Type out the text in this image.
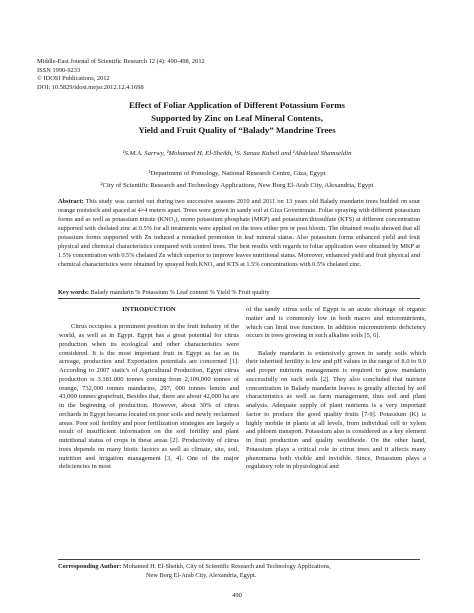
Middle-East Journal of Scientific Research 12 (4): 490-498, 2012
ISSN 1990-9233
© IDOSI Publications, 2012
DOI: 10.5829/idosi.mejsr.2012.12.4.1698
Effect of Foliar Application of Different Potassium Forms
Supported by Zinc on Leaf Mineral Contents,
Yield and Fruit Quality of “Balady” Mandrine Trees
¹S.M.A. Sarrwy, ²Mohamed H. El-Sheikh, ¹S. Sanaa Kabeil and ¹Abdelaal Shamseldin
¹Department of Pomology, National Research Centre, Giza, Egypt
²City of Scientific Research and Technology Applications, New Borg El-Arab City, Alexandria, Egypt
Abstract: This study was carried out during two successive seasons 2010 and 2011 on 13 years old Balady mandarin trees budded on sour orange rootstock and spaced at 4×4 meters apart. Trees were grown in sandy soil at Giza Governorate. Foliar spraying with different potassium forms and as well as potassium nitrate (KNO₃), mono potassium phosphate (MKP) and potassium thiosulfate (KTS) at different concentration supported with chelated zinc at 0.5% for all treatments were applied on the trees either pre or post bloom. The obtained results showed that all potassium forms supported with Zn induced a remarked promotion in leaf mineral status. Also potassium forms enhanced yield and fruit physical and chemical characteristics compared with control trees. The best results with regards to foliar application were obtained by MKP at 1.5% concentration with 0.5% chelated Zn which superior to improve leaves nutritional status. Moreover, enhanced yield and fruit physical and chemical characteristics were obtained by sprayed both KNO₃ and KTS at 1.5% concentrations with 0.5% chelated zinc.
Key words: Balady mandarin % Potassium % Leaf content % Yield % Fruit quality
INTRODUCTION

Citrus occupies a prominent position in the fruit industry of the world, as well as in Egypt. Egypt has a great potential for citrus production when its ecological and other characteristics were considered. It is the most important fruit in Egypt as far as its acreage, production and Exportation potentials are concerned [1]. According to 2007 static's of Agricultural Production, Egypt citrus production is 3.181.000 tonnes coming from 2,109,000 tonnes of orange, 732,000 tonnes mandarins, 297, 000 tonnes lemon and 43,000 tonnes grapefruit, Besides that, there are about 42,000 ha are in the beginning of production. However, about 30% of citrus orchards in Egypt became located on poor soils and newly reclaimed areas. Poor soil fertility and poor fertilization strategies are largely a result of insufficient information on the soil fertility and plant nutritional status of crops in these areas [2]. Productivity of citrus trees depends on many biotic factors as well as climate, site, soil, nutrition and irrigation management [3, 4]. One of the major deficiencies in most

of the sandy citrus soils of Egypt is an acute shortage of organic matter and is commonly low in both macro and micronutrients, which can limit tree function. In addition micronutrients deficiency occurs in trees growing in such alkaline soils [5, 6].

Balady mandarin is extensively grown in sandy soils which their inherited fertility is low and pH values in the range of 8.0 to 9.0 and proper nutrients management is required to grow mandarin successfully on such soils [2]. They also concluded that nutrient concentration in Balady mandarin leaves is greatly affected by soil characteristics as well as farm management, thus soil and plant analysis. Adequate supply of plant nutrients is a very important factor to produce the good quality fruits [7-9]. Potassium (K) is highly mobile in plants at all levels, from individual cell to xylem and phloem transport. Potassium also is considered as a key element in fruit production and quality worldwide. On the other hand, Potassium plays a critical role in citrus trees and it affects many phenomena both visible and invisible. Since, Potassium plays a regulatory role in physiological and

Corresponding Author: Mohamed H. El-Sheikh, City of Scientific Research and Technology Applications,
New Borg El-Arab City, Alexandria, Egypt.
490
